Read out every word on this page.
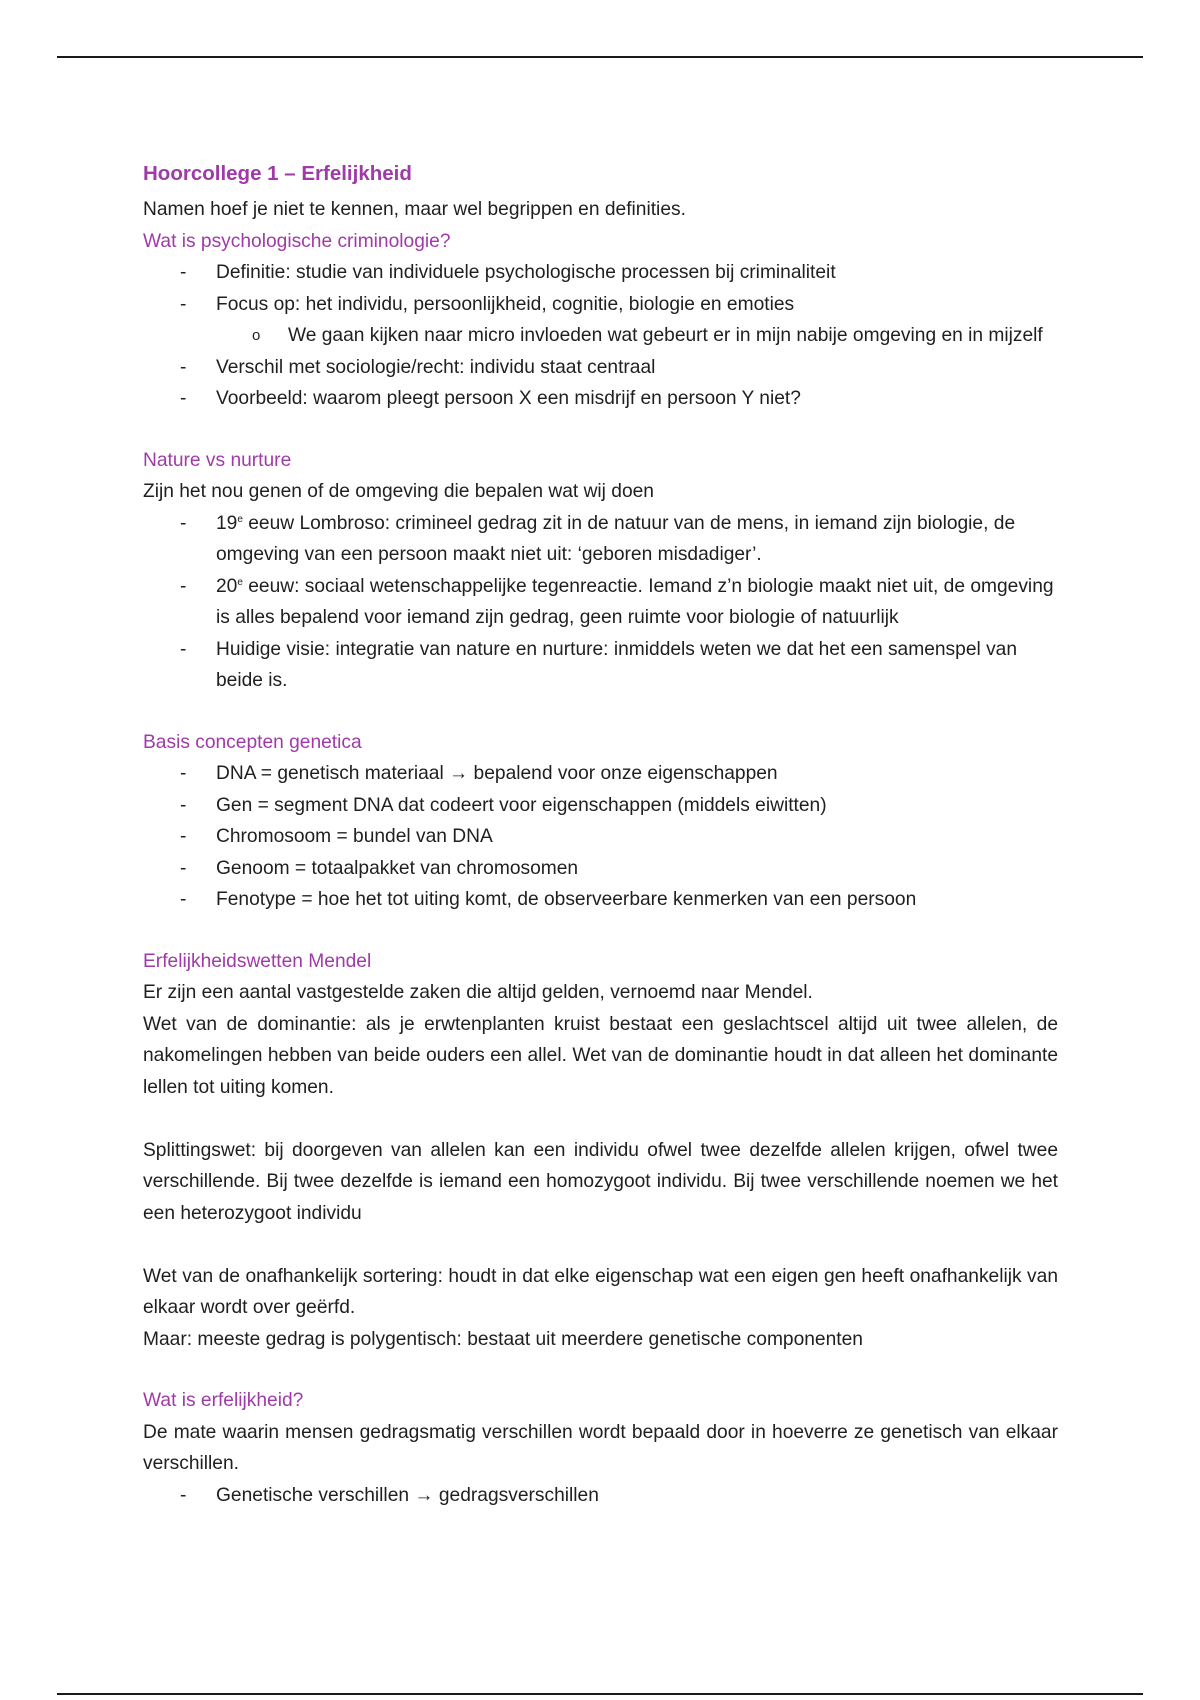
Hoorcollege 1 – Erfelijkheid

Namen hoef je niet te kennen, maar wel begrippen en definities.

Wat is psychologische criminologie?
- Definitie: studie van individuele psychologische processen bij criminaliteit
- Focus op: het individu, persoonlijkheid, cognitie, biologie en emoties
o We gaan kijken naar micro invloeden wat gebeurt er in mijn nabije omgeving en in mijzelf
- Verschil met sociologie/recht: individu staat centraal
- Voorbeeld: waarom pleegt persoon X een misdrijf en persoon Y niet?
Nature vs nurture

Zijn het nou genen of de omgeving die bepalen wat wij doen

- 19e eeuw Lombroso: crimineel gedrag zit in de natuur van de mens, in iemand zijn biologie, de omgeving van een persoon maakt niet uit: ‘geboren misdadiger’.
- 20e eeuw: sociaal wetenschappelijke tegenreactie. Iemand z’n biologie maakt niet uit, de omgeving is alles bepalend voor iemand zijn gedrag, geen ruimte voor biologie of natuurlijk
- Huidige visie: integratie van nature en nurture: inmiddels weten we dat het een samenspel van beide is.
Basis concepten genetica
- DNA = genetisch materiaal → bepalend voor onze eigenschappen
- Gen = segment DNA dat codeert voor eigenschappen (middels eiwitten)
- Chromosoom = bundel van DNA
- Genoom = totaalpakket van chromosomen
- Fenotype = hoe het tot uiting komt, de observeerbare kenmerken van een persoon
Erfelijkheidswetten Mendel

Er zijn een aantal vastgestelde zaken die altijd gelden, vernoemd naar Mendel.

Wet van de dominantie: als je erwtenplanten kruist bestaat een geslachtscel altijd uit twee allelen, de nakomelingen hebben van beide ouders een allel. Wet van de dominantie houdt in dat alleen het dominante lellen tot uiting komen.

Splittingswet: bij doorgeven van allelen kan een individu ofwel twee dezelfde allelen krijgen, ofwel twee verschillende. Bij twee dezelfde is iemand een homozygoot individu. Bij twee verschillende noemen we het een heterozygoot individu

Wet van de onafhankelijk sortering: houdt in dat elke eigenschap wat een eigen gen heeft onafhankelijk van elkaar wordt over geërfd.

Maar: meeste gedrag is polygentisch: bestaat uit meerdere genetische componenten

Wat is erfelijkheid?

De mate waarin mensen gedragsmatig verschillen wordt bepaald door in hoeverre ze genetisch van elkaar verschillen.

- Genetische verschillen → gedragsverschillen
